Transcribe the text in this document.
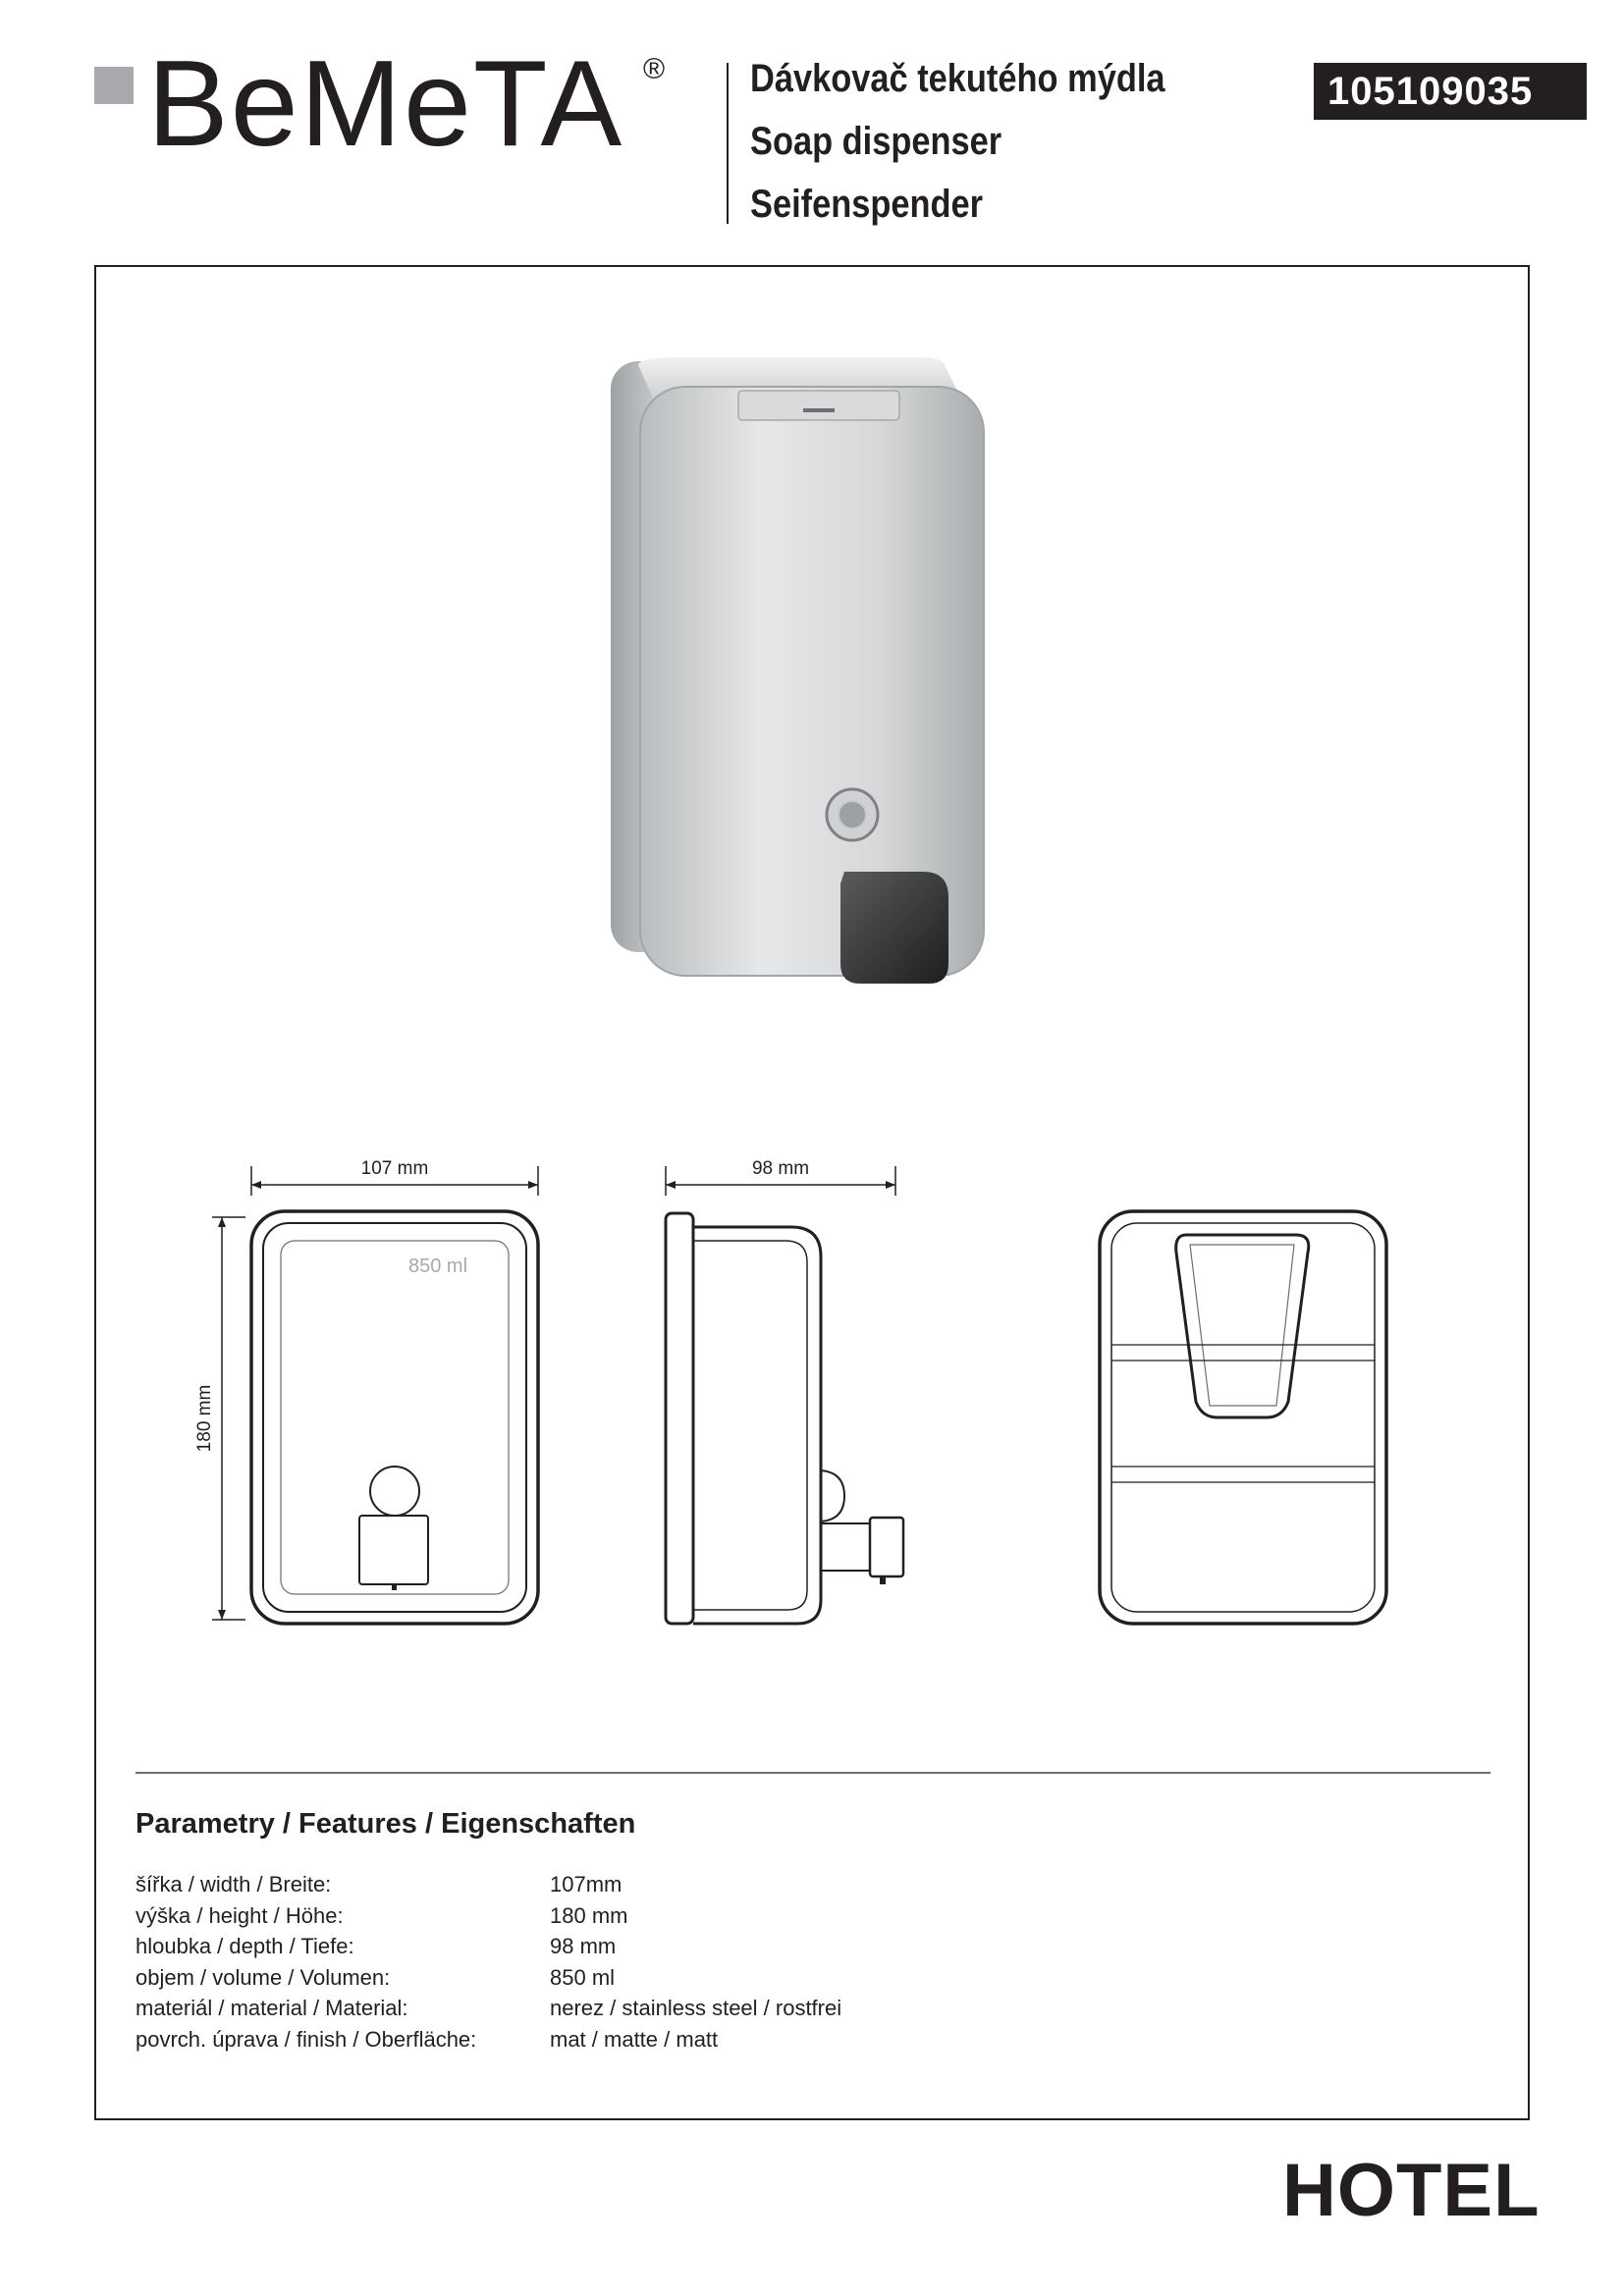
BeMeTA ® Dávkovač tekutého mýdla
Soap dispenser
Seifenspender
105109035
107 mm	98 mm
180 mm
850 ml
Parametry / Features / Eigenschaften
šířka / width / Breite:	107mm
výška / height / Höhe:	180 mm
hloubka / depth / Tiefe:	98 mm
objem / volume / Volumen:	850 ml
materiál / material / Material:	nerez / stainless steel / rostfrei
povrch. úprava / finish / Oberfläche:	mat / matte / matt
HOTEL
